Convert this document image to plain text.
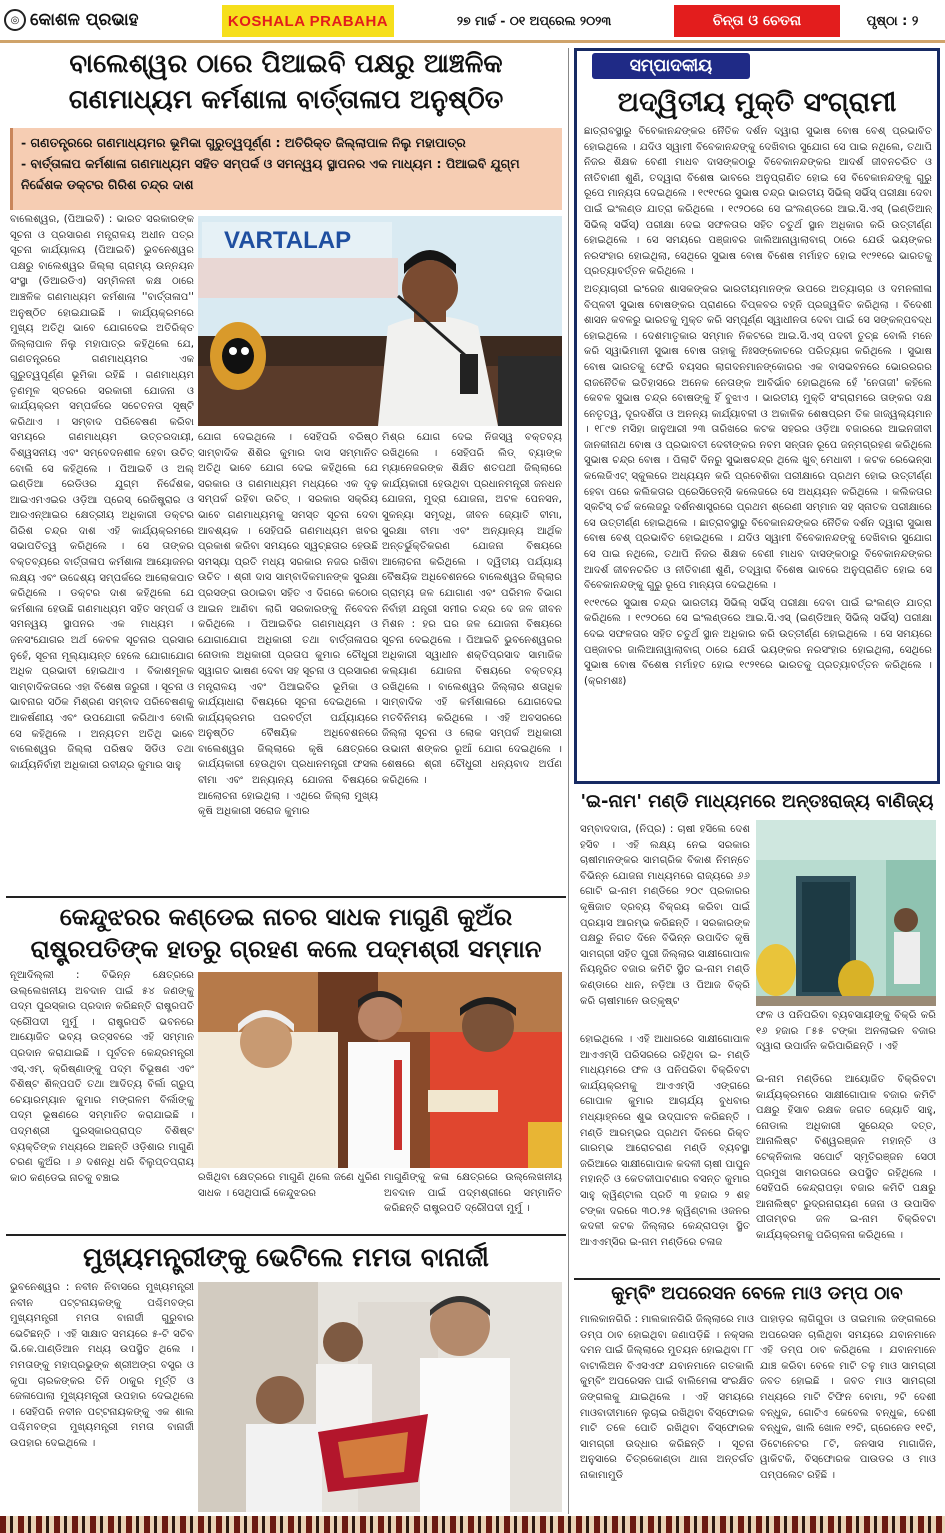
◎ କୋଶଳ ପ୍ରଭାହ	KOSHALA PRABAHA	୨୭ ମାର୍ଚ୍ଚ - ୦୧ ଅପ୍ରେଲ ୨୦୨୩	ଚିନ୍ତା ଓ ଚେତନା	ପୃଷ୍ଠା : ୨
ବାଲେଶ୍ୱର ଠାରେ ପିଆଇବି ପକ୍ଷରୁ ଆଞ୍ଚଳିକ
ଗଣମାଧ୍ୟମ କର୍ମଶାଳା ବାର୍ତ୍ତାଳାପ ଅନୁଷ୍ଠିତ
- ଗଣତନ୍ତ୍ରରେ ଗଣମାଧ୍ୟମର ଭୂମିକା ଗୁରୁତ୍ୱପୂର୍ଣ୍ଣ : ଅତିରିକ୍ତ ଜିଲ୍ଲାପାଳ ନିଲୁ ମହାପାତ୍ର
- ବାର୍ତ୍ତାଳାପ କର୍ମଶାଳା ଗଣମାଧ୍ୟମ ସହିତ ସମ୍ପର୍କ ଓ ସମନ୍ୱୟ ସ୍ଥାପନର ଏକ ମାଧ୍ୟମ : ପିଆଇବି ଯୁଗ୍ମ ନିର୍ଦ୍ଦେଶକ ଡକ୍ଟର ଗିରିଶ ଚନ୍ଦ୍ର ଦାଶ
ବାଲେଶ୍ୱର, (ପିଆଇବି) : ଭାରତ ସରକାରଙ୍କ ସୂଚନା ଓ ପ୍ରସାରଣ ମନ୍ତ୍ରାଳୟ ଅଧୀନ ପତ୍ର ସୂଚନା କାର୍ଯ୍ୟାଳୟ (ପିଆଇବି) ଭୁବନେଶ୍ୱର ପକ୍ଷରୁ ବାଲେଶ୍ୱର ଜିଲ୍ଲା ଗ୍ରାମ୍ୟ ଉନ୍ନୟନ ସଂସ୍ଥା (ଡିଆରଡିଏ) ସମ୍ମିଳନୀ କକ୍ଷ ଠାରେ ଆଞ୍ଚଳିକ ଗଣମାଧ୍ୟମ କର୍ମଶାଳା ''ବାର୍ତ୍ତାଳାପ'' ଅନୁଷ୍ଠିତ ହୋଇଯାଇଛି । କାର୍ଯ୍ୟକ୍ରମରେ ମୁଖ୍ୟ ଅତିଥି ଭାବେ ଯୋଗଦେଇ ଅତିରିକ୍ତ ଜିଲ୍ଲାପାଳ ନିଲୁ ମହାପାତ୍ର କହିଥିଲେ ଯେ, ଗଣତନ୍ତ୍ରରେ ଗଣମାଧ୍ୟମର ଏକ ଗୁରୁତ୍ୱପୂର୍ଣ୍ଣ ଭୂମିକା ରହିଛି । ଗଣମାଧ୍ୟମ ତୃଣମୂଳ ସ୍ତରରେ ସରକାରୀ ଯୋଜନା ଓ କାର୍ଯ୍ୟକ୍ରମ ସମ୍ପର୍କରେ ସଚେତନତା ସୃଷ୍ଟି କରିଥାଏ । ସମ୍ବାଦ ପରିବେଷଣ କରିବା ସମୟରେ ଗଣମାଧ୍ୟମ ଉତ୍ତରଦାୟୀ, ବିଶ୍ୱସନୀୟ ଏବଂ ସମ୍ବେଦନଶୀଳ ହେବା ଉଚିତ୍ ବୋଲି ସେ କହିଥିଲେ । ପିଆଇବି ଓ ଅଲ୍ ଇଣ୍ଡିଆ ରେଡିଓର ଯୁଗ୍ମ ନିର୍ଦ୍ଦେଶକ, ଆଇଏମଏଇର ଓଡ଼ିଆ ପ୍ରେସ୍ ରେଜିଷ୍ଟ୍ରାର ଓ ଆରଏନ୍‌ଆଇର କ୍ଷେତ୍ରୀୟ ଅଧିକାରୀ ଡକ୍ଟର ଗିରିଶ ଚନ୍ଦ୍ର ଦାଶ ଏହି କାର୍ଯ୍ୟକ୍ରମରେ ସଭାପତିତ୍ୱ କରିଥିଲେ । ସେ ତାଙ୍କର ବକ୍ତବ୍ୟରେ ବାର୍ତ୍ତାଳାପ କର୍ମଶାଳା ଆୟୋଜନର ଲକ୍ଷ୍ୟ ଏବଂ ଉଦ୍ଦେଶ୍ୟ ସମ୍ପର୍କରେ ଆଲୋକପାତ କରିଥିଲେ । ଡକ୍ଟର ଦାଶ କହିଥିଲେ ଯେ କର୍ମଶାଳା ହେଉଛି ଗଣମାଧ୍ୟମ ସହିତ ସମ୍ପର୍କ ଓ ସମନ୍ୱୟ ସ୍ଥାପନର ଏକ ମାଧ୍ୟମ । ଜନସଂଯୋଗର ଅର୍ଥ କେବଳ ସୂଚନାର ପ୍ରସାର ନୁହେଁ, ସୂଚନା ମୂଲ୍ୟାୟନ୍ତ ହେଲେ ଯୋଗାଯୋଗ ଅଧିକ ପ୍ରଭାବୀ ହୋଇଥାଏ । ବିକାଶମୂଳକ ସାମ୍ବାଦିକତାରେ ଏହା ବିଶେଷ ଜରୁରୀ । ସୂଚନା ଓ ଭାବନାର ସଠିକ ମିଶ୍ରଣ ସମ୍ବାଦ ପରିବେଷଣକୁ ଆକର୍ଷଣୀୟ ଏବଂ ଉପଯୋଗୀ କରିଥାଏ ବୋଲି ସେ କହିଥିଲେ । ଅନ୍ୟତମ ଅତିଥି ଭାବେ ବାଲେଶ୍ୱର ଜିଲ୍ଲା ପରିଷଦ ସିଡିଓ ତଥା କାର୍ଯ୍ୟନିର୍ବାହୀ ଅଧିକାରୀ ରବୀନ୍ଦ୍ର କୁମାର ସାହୁ
VARTALAP
ଯୋଗ ଦେଇଥିଲେ । ସେହିପରି ବରିଷ୍ଠ ସାମ୍ବାଦିକ ଶିଶିର କୁମାର ଦାସ ସମ୍ମାନିତ ଅତିଥି ଭାବେ ଯୋଗ ଦେଇ କହିଥିଲେ ଯେ ସରକାର ଓ ଗଣମାଧ୍ୟମ ମଧ୍ୟରେ ଏକ ଦୃଢ଼ ସମ୍ପର୍କ ରହିବା ଉଚିତ୍ । ସରକାର ସକ୍ରିୟ ଭାବେ ଗଣମାଧ୍ୟମକୁ ସମସ୍ତ ସୂଚନା ଦେବା ଆବଶ୍ୟକ । ସେହିପରି ଗଣମାଧ୍ୟମ ଖବର ପ୍ରକାଶ କରିବା ସମୟରେ ସ୍ୱଚ୍ଛତାର ହେଉଛି ସମସ୍ୟା ପ୍ରତି ମଧ୍ୟ ସରକାର ନଜର ରଖିବା ଉଚିତ । ଶ୍ରୀ ଦାସ ସାମ୍ବାଦିକମାନଙ୍କ ସୁରକ୍ଷା ପ୍ରସଙ୍ଗ ଉଠାଇବା ସହିତ ଏ ଦିଗରେ କଠୋର ଆଇନ ଆଣିବା ଲାଗି ସରକାରଙ୍କୁ ନିବେଦନ କରିଥିଲେ । ପିଆଇବିର ଗଣମାଧ୍ୟମ ଓ ଯୋଗାଯୋଗ ଅଧିକାରୀ ତଥା ବାର୍ତ୍ତାଳାପର ନୋଡାଲ ଅଧିକାରୀ ପ୍ରତାପ କୁମାର ଚୌଧୁରୀ ସ୍ୱାଗତ ଭାଷଣ ଦେବା ସହ ସୂଚନା ଓ ପ୍ରସାରଣ ମନ୍ତ୍ରାଳୟ ଏବଂ ପିଆଇବିର ଭୂମିକା ଓ କାର୍ଯ୍ୟାଧାରା ବିଷୟରେ ସୂଚନା ଦେଇଥିଲେ । କାର୍ଯ୍ୟକ୍ରମର ପରବର୍ତ୍ତୀ ପର୍ଯ୍ୟାୟରେ ଅନୁଷ୍ଠିତ ବୈଷୟିକ ଅଧିବେଶନରେ ବାଲେଶ୍ୱର ଜିଲ୍ଲାରେ କୃଷି କ୍ଷେତ୍ରରେ କାର୍ଯ୍ୟକାରୀ ହେଉଥିବା ପ୍ରଧାନମନ୍ତ୍ରୀ ଫସଲ ବୀମା ଏବଂ ଅନ୍ୟାନ୍ୟ ଯୋଜନା ବିଷୟରେ ଆଲୋଚନା ହୋଇଥିଲା । ଏଥିରେ ଜିଲ୍ଲା ମୁଖ୍ୟ କୃଷି ଅଧିକାରୀ ସରୋଜ କୁମାର
ମିଶ୍ର ଯୋଗ ଦେଇ ନିଜସ୍ୱ ବକ୍ତବ୍ୟ ରଖିଥିଲେ । ସେହିପରି ଲିଡ୍ ବ୍ୟାଙ୍କ ମ୍ୟାନେଜରଙ୍କ ଶିକ୍ଷିତ ଶତପଥୀ ଜିଲ୍ଲାରେ କାର୍ଯ୍ୟକାରୀ ହେଉଥିବା ପ୍ରଧାନମନ୍ତ୍ରୀ ଜନଧନ ଯୋଜନା, ମୁଦ୍ରା ଯୋଜନା, ଅଟଳ ପେନସନ, ସୁକନ୍ୟା ସମୃଦ୍ଧି, ଜୀବନ ଜ୍ୟୋତି ବୀମା, ସୁରକ୍ଷା ବୀମା ଏବଂ ଅନ୍ୟାନ୍ୟ ଆର୍ଥିକ ଅନ୍ତର୍ଭୁକ୍ତିକରଣ ଯୋଜନା ବିଷୟରେ ଆଲୋଚନା କରିଥିଲେ । ଦ୍ୱିତୀୟ ପର୍ଯ୍ୟାୟ ବୈଷୟିକ ଅଧିବେଶନରେ ବାଲେଶ୍ୱର ଜିଲ୍ଲାର ଗ୍ରାମ୍ୟ ଜଳ ଯୋଗାଣ ଏବଂ ପରିମଳ ବିଭାଗ ନିର୍ବାହୀ ଯନ୍ତ୍ରୀ ସମୀର ଚନ୍ଦ୍ର ଦେ ଜଳ ଜୀବନ ମିଶନ : ହର ଘର ଜଳ ଯୋଜନା ବିଷୟରେ ସୂଚନା ଦେଇଥିଲେ । ପିଆଇବି ଭୁବନେଶ୍ୱରର ଅଧିକାରୀ ସ୍ୱାଧୀନ ଶକ୍ତିପ୍ରସାଦ ସାମାଜିକ କଲ୍ୟାଣ ଯୋଜନା ବିଷୟରେ ବକ୍ତବ୍ୟ ରଖିଥିଲେ । ବାଲେଶ୍ୱର ଜିଲ୍ଲାର ଶତାଧିକ ସାମ୍ବାଦିକ ଏହି କର୍ମଶାଳାରେ ଯୋଗଦେଇ ମତବିନିମୟ କରିଥିଲେ । ଏହି ଅବସରରେ ଜିଲ୍ଲା ସୂଚନା ଓ ଲୋକ ସମ୍ପର୍କ ଅଧିକାରୀ ଉଭାନୀ ଶଙ୍କର ରୂଆଁ ଯୋଗ ଦେଇଥିଲେ । ଶେଷରେ ଶ୍ରୀ ଚୌଧୁରୀ ଧନ୍ୟବାଦ ଅର୍ପଣ କରିଥିଲେ ।
କେନ୍ଦୁଝରର କଣ୍ଡେଇ ନାଚର ସାଧକ ମାଗୁଣି କୁଅଁର
ରାଷ୍ଟ୍ରପତିଙ୍କ ହାତରୁ ଗ୍ରହଣ କଲେ ପଦ୍ମଶ୍ରୀ ସମ୍ମାନ
ନୂଆଦିଲ୍ଲୀ : ବିଭିନ୍ନ କ୍ଷେତ୍ରରେ ଉଲ୍ଲେଖନୀୟ ଅବଦାନ ପାଇଁ ୫୪ ଜଣଙ୍କୁ ପଦ୍ମ ପୁରସ୍କାର ପ୍ରଦାନ କରିଛନ୍ତି ରାଷ୍ଟ୍ରପତି ଦ୍ରୌପଦୀ ମୁର୍ମୁ । ରାଷ୍ଟ୍ରପତି ଭବନରେ ଆୟୋଜିତ ଭବ୍ୟ ଉତ୍ସବରେ ଏହି ସମ୍ମାନ ପ୍ରଦାନ କରାଯାଇଛି । ପୂର୍ବତନ କେନ୍ଦ୍ରମନ୍ତ୍ରୀ ଏସ୍.ଏମ୍. କ୍ରିଷ୍ଣାଙ୍କୁ ପଦ୍ମ ବିଭୂଷଣ ଏବଂ ବିଶିଷ୍ଟ ଶିଳ୍ପପତି ତଥା ଆଦିତ୍ୟ ବିର୍ଲା ଗ୍ରୁପ୍ ଚେୟାରମ୍ୟାନ କୁମାର ମଙ୍ଗଳମ ବିର୍ଲାଙ୍କୁ ପଦ୍ମ ଭୂଷଣରେ ସମ୍ମାନିତ କରାଯାଇଛି । ପଦ୍ମଶ୍ରୀ ପୁରସ୍କାରପ୍ରାପ୍ତ ବିଶିଷ୍ଟ ବ୍ୟକ୍ତିଙ୍କ ମଧ୍ୟରେ ଅଛନ୍ତି ଓଡ଼ିଶାର ମାଗୁଣି ଚରଣ କୁଅଁର । ୬ ଦଶନ୍ଧି ଧରି ବିଲୁପ୍ତପ୍ରାୟ କାଠ କଣ୍ଡେଇ ନାଚକୁ ବଞ୍ଚାଇ	ରଖିଥିବା କ୍ଷେତ୍ରରେ ମାଗୁଣି ଥିଲେ ଜଣେ ଧୁରିଣ ସାଧକ । ସେଥିପାଇଁ କେନ୍ଦୁଝରର
ମାଗୁଣିଙ୍କୁ କଳା କ୍ଷେତ୍ରରେ ଉଲ୍ଲେଖନୀୟ ଅବଦାନ ପାଇଁ ପଦ୍ମଶ୍ରୀରେ ସମ୍ମାନିତ କରିଛନ୍ତି ରାଷ୍ଟ୍ରପତି ଦ୍ରୌପଦୀ ମୁର୍ମୁ ।
ମୁଖ୍ୟମନ୍ତ୍ରୀଙ୍କୁ ଭେଟିଲେ ମମତା ବାନାର୍ଜୀ
ଭୁବନେଶ୍ୱର : ନବୀନ ନିବାସରେ ମୁଖ୍ୟମନ୍ତ୍ରୀ ନବୀନ ପଟ୍ଟନାୟକଙ୍କୁ ପଶ୍ଚିମବଙ୍ଗ ମୁଖ୍ୟମନ୍ତ୍ରୀ ମମତା ବାନାର୍ଜୀ ଗୁରୁବାର ଭେଟିଛନ୍ତି । ଏହି ସାକ୍ଷାତ ସମୟରେ ୫-ଟି ସଚିବ ଭି.କେ.ପାଣ୍ଡିଆନ ମଧ୍ୟ ଉପସ୍ଥିତ ଥିଲେ । ମମତାଙ୍କୁ ମହାପ୍ରଭୁଙ୍କ ଶ୍ରୀଅଙ୍ଗ ବସ୍ତ୍ର ଓ କୃପା ଚାରକଙ୍କର ତିନି ଠାକୁର ମୂର୍ତ୍ତି ଓ ଜେଳାପୋଲା ମୁଖ୍ୟମନ୍ତ୍ରୀ ଉପହାର ଦେଇଥିଲେ । ସେହିପରି ନବୀନ ପଟ୍ଟନାୟକଙ୍କୁ ଏକ ଶାଲ ପଶ୍ଚିମବଙ୍ଗ ମୁଖ୍ୟମନ୍ତ୍ରୀ ମମତା ବାନାର୍ଜୀ ଉପହାର ଦେଇଥିଲେ ।
ସମ୍ପାଦକୀୟ
ଅଦ୍ୱିତୀୟ ମୁକ୍ତି ସଂଗ୍ରାମୀ

ଛାତ୍ରାବସ୍ଥାରୁ ବିବେକାନନ୍ଦଙ୍କର ନୈତିକ ଦର୍ଶନ ଦ୍ୱାରା ସୁଭାଷ ବୋଷ ବେଶ୍ ପ୍ରଭାବିତ ହୋଇଥିଲେ । ଯଦିଓ ସ୍ୱାମୀ ବିବେକାନନ୍ଦଙ୍କୁ ଦେଖିବାର ସୁଯୋଗ ସେ ପାଇ ନଥିଲେ, ତଥାପି ନିଜର ଶିକ୍ଷକ ବେଣୀ ମାଧବ ଦାସଙ୍କଠାରୁ ବିବେକାନନ୍ଦଙ୍କର ଆଦର୍ଶ ଜୀବନଚରିତ ଓ ନୀତିବାଣୀ ଶୁଣି, ତଦ୍ୱାରା ବିଶେଷ ଭାବରେ ଅନୁପ୍ରାଣିତ ହୋଇ ସେ ବିବେକାନନ୍ଦଙ୍କୁ ଗୁରୁ ରୂପେ ମାନ୍ୟତା ଦେଇଥିଲେ । ୧୯୧୯ରେ ସୁଭାଷ ଚନ୍ଦ୍ର ଭାରତୀୟ ସିଭିଲ୍ ସର୍ଭିସ୍ ପରୀକ୍ଷା ଦେବା ପାଇଁ ଇଂଲଣ୍ଡ ଯାତ୍ରା କରିଥିଲେ । ୧୯୨୦ରେ ସେ ଇଂଲଣ୍ଡରେ ଆଇ.ସି.ଏସ୍ (ଇଣ୍ଡିଆନ୍ ସିଭିଲ୍ ସର୍ଭିସ୍) ପରୀକ୍ଷା ଦେଇ ସଫଳତାର ସହିତ ଚତୁର୍ଥ ସ୍ଥାନ ଅଧିକାର କରି ଉତ୍ତୀର୍ଣ୍ଣ ହୋଇଥିଲେ । ସେ ସମୟରେ ପଞ୍ଜାବର ଜାଲିଆନାୱାଲାବାଗ୍ ଠାରେ ଯେଉଁ ଭୟଙ୍କର ନରସଂହାର ହୋଇଥିଲା, ସେଥିରେ ସୁଭାଷ ବୋଷ ବିଶେଷ ମର୍ମାହତ ହୋଇ ୧୯୨୧ରେ ଭାରତକୁ ପ୍ରତ୍ୟାବର୍ତ୍ତନ କରିଥିଲେ ।

ଅତ୍ୟାଚାରୀ ଇଂରେଜ ଶାସକଙ୍କର ଭାରତୀୟମାନଙ୍କ ଉପରେ ଅତ୍ୟାଚାର ଓ ଦମନଲୀଳା ବିପ୍ଳବୀ ସୁଭାଷ ବୋଷଙ୍କର ପ୍ରାଣରେ ବିପ୍ଳବର ବହ୍ନି ପ୍ରଜ୍ୱଳିତ କରିଥିଲା । ବିଦେଶୀ ଶାସନ କବଳରୁ ଭାରତକୁ ମୁକ୍ତ କରି ସମ୍ପୂର୍ଣ୍ଣ ସ୍ୱାଧୀନତା ଦେବା ପାଇଁ ସେ ସଙ୍କଳ୍ପବଦ୍ଧ ହୋଇଥିଲେ । ଦେଶମାତୃକାର ସମ୍ମାନ ନିକଟରେ ଆଇ.ସି.ଏସ୍ ପଦବୀ ତୁଚ୍ଛ ବୋଲି ମନେ କରି ସ୍ୱାଭିମାନୀ ସୁଭାଷ ବୋଷ ତାହାକୁ ନିଃସଙ୍କୋଚରେ ପରିତ୍ୟାଗ କରିଥିଲେ । ସୁଭାଷ ବୋଷ ଭାରତକୁ ଫେରି ବୟସର ଲାଗଦନମାନଙ୍କୋରର ଏକ ବାସଭବନରେ ଭୋରରରର ରାଜନୈତିକ ଇତିହାସରେ ଅନେକ ନେତାଙ୍କ ଆବିର୍ଭାବ ହୋଇଥିଲେ ହେଁ 'ନେତାଜୀ' କହିଲେ କେବଳ ସୁଭାଷ ଚନ୍ଦ୍ର ବୋଷଙ୍କୁ ହିଁ ବୁଝାଏ । ଭାରତୀୟ ମୁକ୍ତି ସଂଗ୍ରାମରେ ତାଙ୍କର ଦକ୍ଷ ନେତୃତ୍ୱ, ଦୂରଦର୍ଶିତା ଓ ଅନନ୍ୟ କାର୍ଯ୍ୟାବଳୀ ଓ ଅକାଳିକ ଶେଷପ୍ରମ ତିକ ଜାଜ୍ୱଲ୍ୟମାନ । ୧୮୯୭ ମସିହା ଜାନୁଆରୀ ୨୩ ତାରିଖରେ କଟକ ସହରର ଓଡ଼ିଆ ବଜାରରେ ଆଇନଜୀବୀ ଜାନକୀନାଥ ବୋଷ ଓ ପ୍ରଭାବତୀ ଦେବୀଙ୍କର ନବମ ସନ୍ତାନ ରୂପେ ଜନ୍ମଗ୍ରହଣ କରିଥିଲେ ସୁଭାଷ ଚନ୍ଦ୍ର ବୋଷ । ପିଲାଟି ଦିନରୁ ସୁଭାଷଚନ୍ଦ୍ର ଥିଲେ ଖୁବ୍ ମେଧାବୀ । କଟକ ରେଭେନ୍ସା କଲେଜିଏଟ୍ ସ୍କୁଲରେ ଅଧ୍ୟୟନ କରି ପ୍ରବେଶିକା ପରୀକ୍ଷାରେ ପ୍ରଥମ ହୋଇ ଉତ୍ତୀର୍ଣ୍ଣ ହେବା ପରେ କଲିକତାର ପ୍ରେସିଡେନ୍ସି କଲେଜରେ ସେ ଅଧ୍ୟୟନ କରିଥିଲେ । କଲିକତାର ସ୍କଟିସ୍ ଚର୍ଚ୍ଚ କଲେଜରୁ ଦର୍ଶନଶାସ୍ତ୍ରରେ ପ୍ରଥମ ଶ୍ରେଣୀ ସମ୍ମାନ ସହ ସ୍ନାତକ ପରୀକ୍ଷାରେ ସେ ଉତ୍ତୀର୍ଣ୍ଣ ହୋଇଥିଲେ । ଛାତ୍ରାବସ୍ଥାରୁ ବିବେକାନନ୍ଦଙ୍କର ନୈତିକ ଦର୍ଶନ ଦ୍ୱାରା ସୁଭାଷ ବୋଷ ବେଶ୍ ପ୍ରଭାବିତ ହୋଇଥିଲେ । ଯଦିଓ ସ୍ୱାମୀ ବିବେକାନନ୍ଦଙ୍କୁ ଦେଖିବାର ସୁଯୋଗ ସେ ପାଇ ନଥିଲେ, ତଥାପି ନିଜର ଶିକ୍ଷକ ବେଣୀ ମାଧବ ଦାସଙ୍କଠାରୁ ବିବେକାନନ୍ଦଙ୍କର ଆଦର୍ଶ ଜୀବନଚରିତ ଓ ନୀତିବାଣୀ ଶୁଣି, ତଦ୍ୱାରା ବିଶେଷ ଭାବରେ ଅନୁପ୍ରାଣିତ ହୋଇ ସେ ବିବେକାନନ୍ଦଙ୍କୁ ଗୁରୁ ରୂପେ ମାନ୍ୟତା ଦେଇଥିଲେ ।

୧୯୧୯ରେ ସୁଭାଷ ଚନ୍ଦ୍ର ଭାରତୀୟ ସିଭିଲ୍ ସର୍ଭିସ୍ ପରୀକ୍ଷା ଦେବା ପାଇଁ ଇଂଲଣ୍ଡ ଯାତ୍ରା କରିଥିଲେ । ୧୯୨୦ରେ ସେ ଇଂଲଣ୍ଡରେ ଆଇ.ସି.ଏସ୍ (ଇଣ୍ଡିଆନ୍ ସିଭିଲ୍ ସର୍ଭିସ୍) ପରୀକ୍ଷା ଦେଇ ସଫଳତାର ସହିତ ଚତୁର୍ଥ ସ୍ଥାନ ଅଧିକାର କରି ଉତ୍ତୀର୍ଣ୍ଣ ହୋଇଥିଲେ । ସେ ସମୟରେ ପଞ୍ଜାବର ଜାଲିଆନାୱାଲାବାଗ୍ ଠାରେ ଯେଉଁ ଭୟଙ୍କର ନରସଂହାର ହୋଇଥିଲା, ସେଥିରେ ସୁଭାଷ ବୋଷ ବିଶେଷ ମର୍ମାହତ ହୋଇ ୧୯୨୧ରେ ଭାରତକୁ ପ୍ରତ୍ୟାବର୍ତ୍ତନ କରିଥିଲେ । (କ୍ରମଶଃ)

'ଇ-ନାମ' ମଣ୍ଡି ମାଧ୍ୟମରେ ଅନ୍ତଃରାଜ୍ୟ ବାଣିଜ୍ୟ
ସମ୍ବାଦଦାତା, (ନିପ୍ର) : ଚାଷୀ ହସିଲେ ଦେଶ ହସିବ । ଏହି ଲକ୍ଷ୍ୟ ନେଇ ସରକାର ଚାଷୀମାନଙ୍କର ସାମଗ୍ରିକ ବିକାଶ ନିମନ୍ତେ ବିଭିନ୍ନ ଯୋଜନା ମାଧ୍ୟମରେ ରାଜ୍ୟରେ ୬୬ ଗୋଟି ଇ-ନାମ ମଣ୍ଡିରେ ୨୦୯ ପ୍ରକାରର କୃଷିଜାତ ଦ୍ରବ୍ୟ ବିକ୍ରୟ କରିବା ପାଇଁ ପ୍ରୟାସ ଆରମ୍ଭ କରିଛନ୍ତି । ସରକାରଙ୍କ ପକ୍ଷରୁ ନିଗତ ଦିନେ ବିଭିନ୍ନ ଉପାଦିତ କୃଷି ସାମଗ୍ରୀ ସହିତ ପୁରୀ ଜିଲ୍ଲାର ସାକ୍ଷୀଗୋପାଳ ନିୟନ୍ତ୍ରିତ ବଜାର କମିଟି ସ୍ଥିତ ଇ-ନାମ ମଣ୍ଡି କଣ୍ଡାରେ ଧାନ, ନଡ଼ିଆ ଓ ପିଆଜ ବିକ୍ରି କରି ଚାଷୀମାନେ ଉତ୍କୃଷ୍ଟ
ଫଳ ଓ ପନିପରିବା ବ୍ୟବସାୟୀଙ୍କୁ ବିକ୍ରି କରି ୧୬ ହଜାର ୮୫୫ ଟଙ୍କା ଅନଲାଇନ ବଜାର ଦ୍ୱାରା ଉପାର୍ଜନ କରିପାରିଛନ୍ତି । ଏହି
ହୋଇଥିଲେ । ଏହି ଆଧାରରେ ସାକ୍ଷୀଗୋପାଳ ଆଏଏମ୍‌ସି ପରିସରରେ ରହିଥିବା ଇ- ମଣ୍ଡି ମାଧ୍ୟମରେ ଫଳ ଓ ପନିପରିବା ବିକ୍ରିବଟା କାର୍ଯ୍ୟକ୍ରମକୁ ଆଏଏମ୍‌ସି ଏଙ୍ଗରେ ଗୋପାଳ କୁମାର ଆଚାର୍ଯ୍ୟ ବୁଧବାର ମଧ୍ୟାହ୍ନରେ ଶୁଭ ଉଦ୍‌ଘାଟନ କରିଛନ୍ତି । ମଣ୍ଡି ଆରମ୍ଭର ପ୍ରଥମ ଦିନରେ ରିକ୍ତ ଗାରମ୍ଭ ଆରୋଚରାଣ ମଣ୍ଡି ବ୍ୟବସ୍ଥା ଜରିଆରେ ସାକ୍ଷୀଗୋପାଳ କଦଳୀ ଚାଷୀ ପାପୁନ ମହାନ୍ତି ଓ କେତକୀପାଟଣାର ବସନ୍ତ କୁମାର ସାହୁ କ୍ୱିଣ୍ଟାଲ ପ୍ରତି ୩ ହଜାର ୨ ଶହ ଟଙ୍କା ଦରରେ ୩୦.୨୫ କ୍ୱିଣ୍ଟାଲ ଓଜନର କଦଳୀ କଟକ ଜିଲ୍ଲାର କେନ୍ଦ୍ରାପଡ଼ା ସ୍ଥିତ ଆଏଏମ୍‌ସିର ଇ-ନାମ ମଣ୍ଡିରେ ଚଳାଜ
ଇ-ନାମ ମଣ୍ଡିରେ ଆୟୋଜିତ ବିକ୍ରିବଟା କାର୍ଯ୍ୟକ୍ରମରେ ସାକ୍ଷୀଗୋପାଳ ବଜାର କମିଟି ପକ୍ଷରୁ ହିସାବ ରକ୍ଷକ ଜଗତ ଜ୍ୟୋତି ସାହୁ, ନୋଡାଲ ଅଧିକାରୀ ସୁରେନ୍ଦ୍ର ଦତ୍ତ, ଆନାଲିଷ୍ଟ ବିଶ୍ୱରଞ୍ଜନ ମହାନ୍ତି ଓ ଟେକ୍ନିକାଲ ସପୋର୍ଟ ସ୍ମୃତିରଞ୍ଜନ ସେଠୀ ପ୍ରମୁଖ ସାମରତାରେ ଉପସ୍ଥିତ ରହିଥିଲେ । ସେହିପରି କେନ୍ଦ୍ରାପଡ଼ା ବଜାର କମିଟି ପକ୍ଷରୁ ଆନାଲିଷ୍ଟ ରୁଦ୍ରନାରାୟଣ ଜେନା ଓ ଉପାସିବ ପୀତାମ୍ବର ଜଳ ଇ-ନାମ ବିକ୍ରିବଟା କାର୍ଯ୍ୟକ୍ରମକୁ ପରିଚାଳନା କରିଥିଲେ ।
କୁମ୍ବିଂ ଅପରେସନ ବେଳେ ମାଓ ଡମ୍ପ ଠାବ
ମାଲକାନଗିରି : ମାଲକାନଗିରି ଜିଲ୍ଲାରେ ମାଓ ଡମ୍ପ ଠାବ ହୋଇଥିବା ଜଣାପଡ଼ିଛି । ନକ୍ସଲ ଦମନ ପାଇଁ ଜିଲ୍ଲାରେ ମୁତୟନ ହୋଇଥିବା ୮୮ ବାଟାଲିଅନ ବିଏସଏଫ ଯବାନମାନେ ଗତକାଲି କୁମ୍ବିଂ ଅପରେସନ ପାଇଁ ବାଲିମେଳା ସଂରକ୍ଷିତ ଜଙ୍ଗଲକୁ ଯାଇଥିଲେ । ଏହି ସମୟରେ ମାଓବାଦୀମାନେ ଲୁଚାଇ ରଖିଥିବା ବିସ୍ଫୋରକ ମାଟି ତଳେ ପୋତି ରଖିଥିବା ବିସ୍ଫୋରକ ସାମଗ୍ରୀ ଉଦ୍ଧାର କରିଛନ୍ତି । ସୂଚନା ଅନୁସାରେ ଚିତ୍ରକୋଣ୍ଡା ଥାନା ଅନ୍ତର୍ଗତ ନାକାମାମୁଡି
ପାହାଡ଼ର ଲାଗିଗୁଡା ଓ ତାଇମାଲ ଜଙ୍ଗଲରେ ଅପରେସନ ଚାଲିଥିବା ସମୟରେ ଯବାନମାନେ ଏହି ଡମ୍ପ ଠାବ କରିଥିଲେ । ଯବାନମାନେ ଯାଞ୍ଚ କରିବା ବେଳେ ମାଟି ତଳୁ ମାଓ ସାମଗ୍ରୀ ଜବତ ହୋଇଛି । ଜବତ ମାଓ ସାମଗ୍ରୀ ମଧ୍ୟରେ ମାଟି ଟିଫିନ ବୋମା, ୨ଟି ଦେଶୀ ବନ୍ଧୁକ, ଗୋଟିଏ କେବେଲ ବନ୍ଧୁକ, ଦେଶୀ ବନ୍ଧୁକ, ଖାଲି ଖୋଳ ୧୨ଟି, ଗ୍ରେନେଡ ୧୧ଟି, ଡିଟୋନେଟର ୮ଟି, ଜନସାସ ମାଗାଜିନ, ୱାକିଟକି, ବିସ୍ଫୋରକ ପାଉଡର ଓ ମାଓ ପମ୍ପଲେଟ ରହିଛି ।
